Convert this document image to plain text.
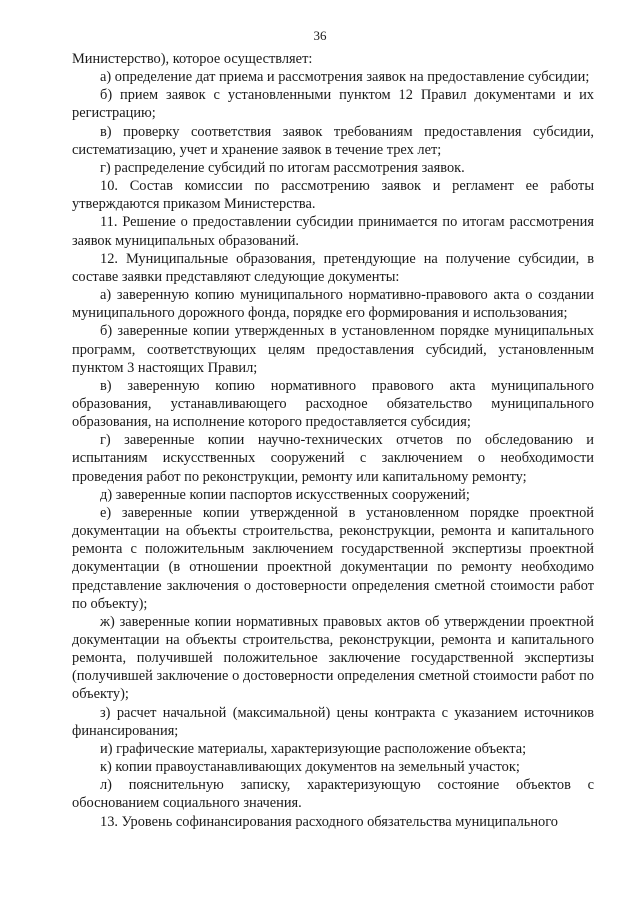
36

Министерство), которое осуществляет:

а) определение дат приема и рассмотрения заявок на предоставление субсидии;

б) прием заявок с установленными пунктом 12 Правил документами и их регистрацию;

в) проверку соответствия заявок требованиям предоставления субсидии, систематизацию, учет и хранение заявок в течение трех лет;

г) распределение субсидий по итогам рассмотрения заявок.

10. Состав комиссии по рассмотрению заявок и регламент ее работы утверждаются приказом Министерства.

11. Решение о предоставлении субсидии принимается по итогам рассмотрения заявок муниципальных образований.

12. Муниципальные образования, претендующие на получение субсидии, в составе заявки представляют следующие документы:

а) заверенную копию муниципального нормативно-правового акта о создании муниципального дорожного фонда, порядке его формирования и использования;

б) заверенные копии утвержденных в установленном порядке муниципальных программ, соответствующих целям предоставления субсидий, установленным пунктом 3 настоящих Правил;

в) заверенную копию нормативного правового акта муниципального образования, устанавливающего расходное обязательство муниципального образования, на исполнение которого предоставляется субсидия;

г) заверенные копии научно-технических отчетов по обследованию и испытаниям искусственных сооружений с заключением о необходимости проведения работ по реконструкции, ремонту или капитальному ремонту;

д) заверенные копии паспортов искусственных сооружений;

е) заверенные копии утвержденной в установленном порядке проектной документации на объекты строительства, реконструкции, ремонта и капитального ремонта с положительным заключением государственной экспертизы проектной документации (в отношении проектной документации по ремонту необходимо представление заключения о достоверности определения сметной стоимости работ по объекту);

ж) заверенные копии нормативных правовых актов об утверждении проектной документации на объекты строительства, реконструкции, ремонта и капитального ремонта, получившей положительное заключение государственной экспертизы (получившей заключение о достоверности определения сметной стоимости работ по объекту);

з) расчет начальной (максимальной) цены контракта с указанием источников финансирования;

и) графические материалы, характеризующие расположение объекта;

к) копии правоустанавливающих документов на земельный участок;

л) пояснительную записку, характеризующую состояние объектов с обоснованием социального значения.

13. Уровень софинансирования расходного обязательства муниципального
